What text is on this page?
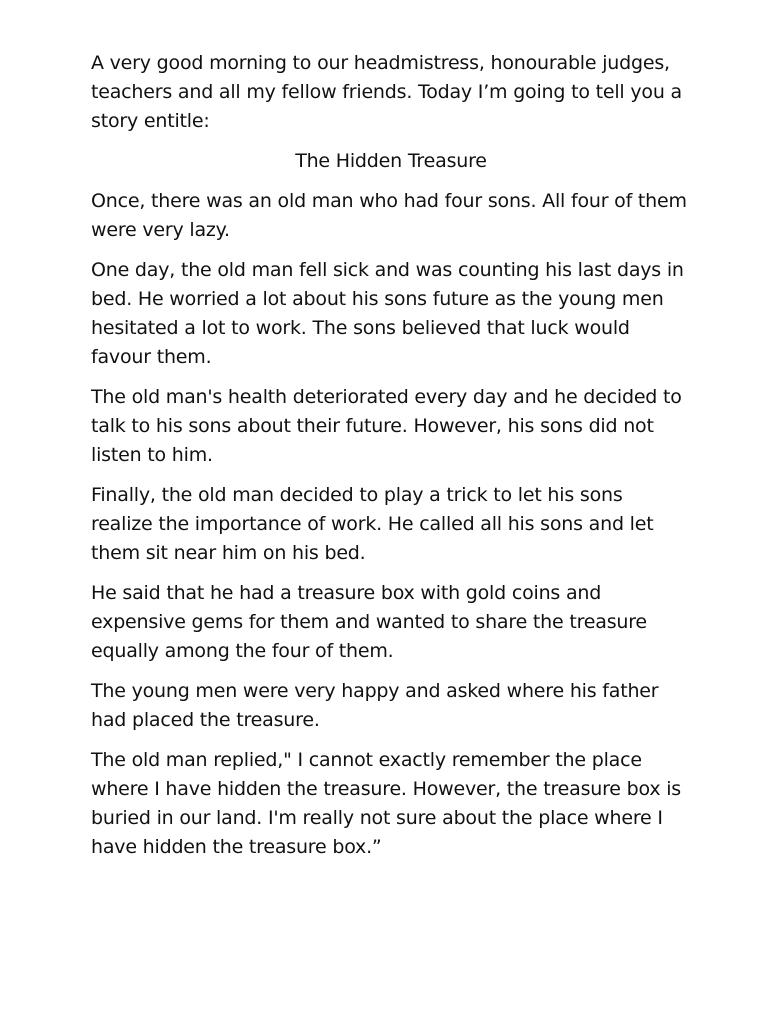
A very good morning to our headmistress, honourable judges, teachers and all my fellow friends. Today I’m going to tell you a story entitle:

The Hidden Treasure

Once, there was an old man who had four sons. All four of them were very lazy.

One day, the old man fell sick and was counting his last days in bed. He worried a lot about his sons future as the young men hesitated a lot to work. The sons believed that luck would favour them.

The old man's health deteriorated every day and he decided to talk to his sons about their future. However, his sons did not listen to him.

Finally, the old man decided to play a trick to let his sons realize the importance of work. He called all his sons and let them sit near him on his bed.

He said that he had a treasure box with gold coins and expensive gems for them and wanted to share the treasure equally among the four of them.

The young men were very happy and asked where his father had placed the treasure.

The old man replied," I cannot exactly remember the place where I have hidden the treasure. However, the treasure box is buried in our land. I'm really not sure about the place where I have hidden the treasure box.”
